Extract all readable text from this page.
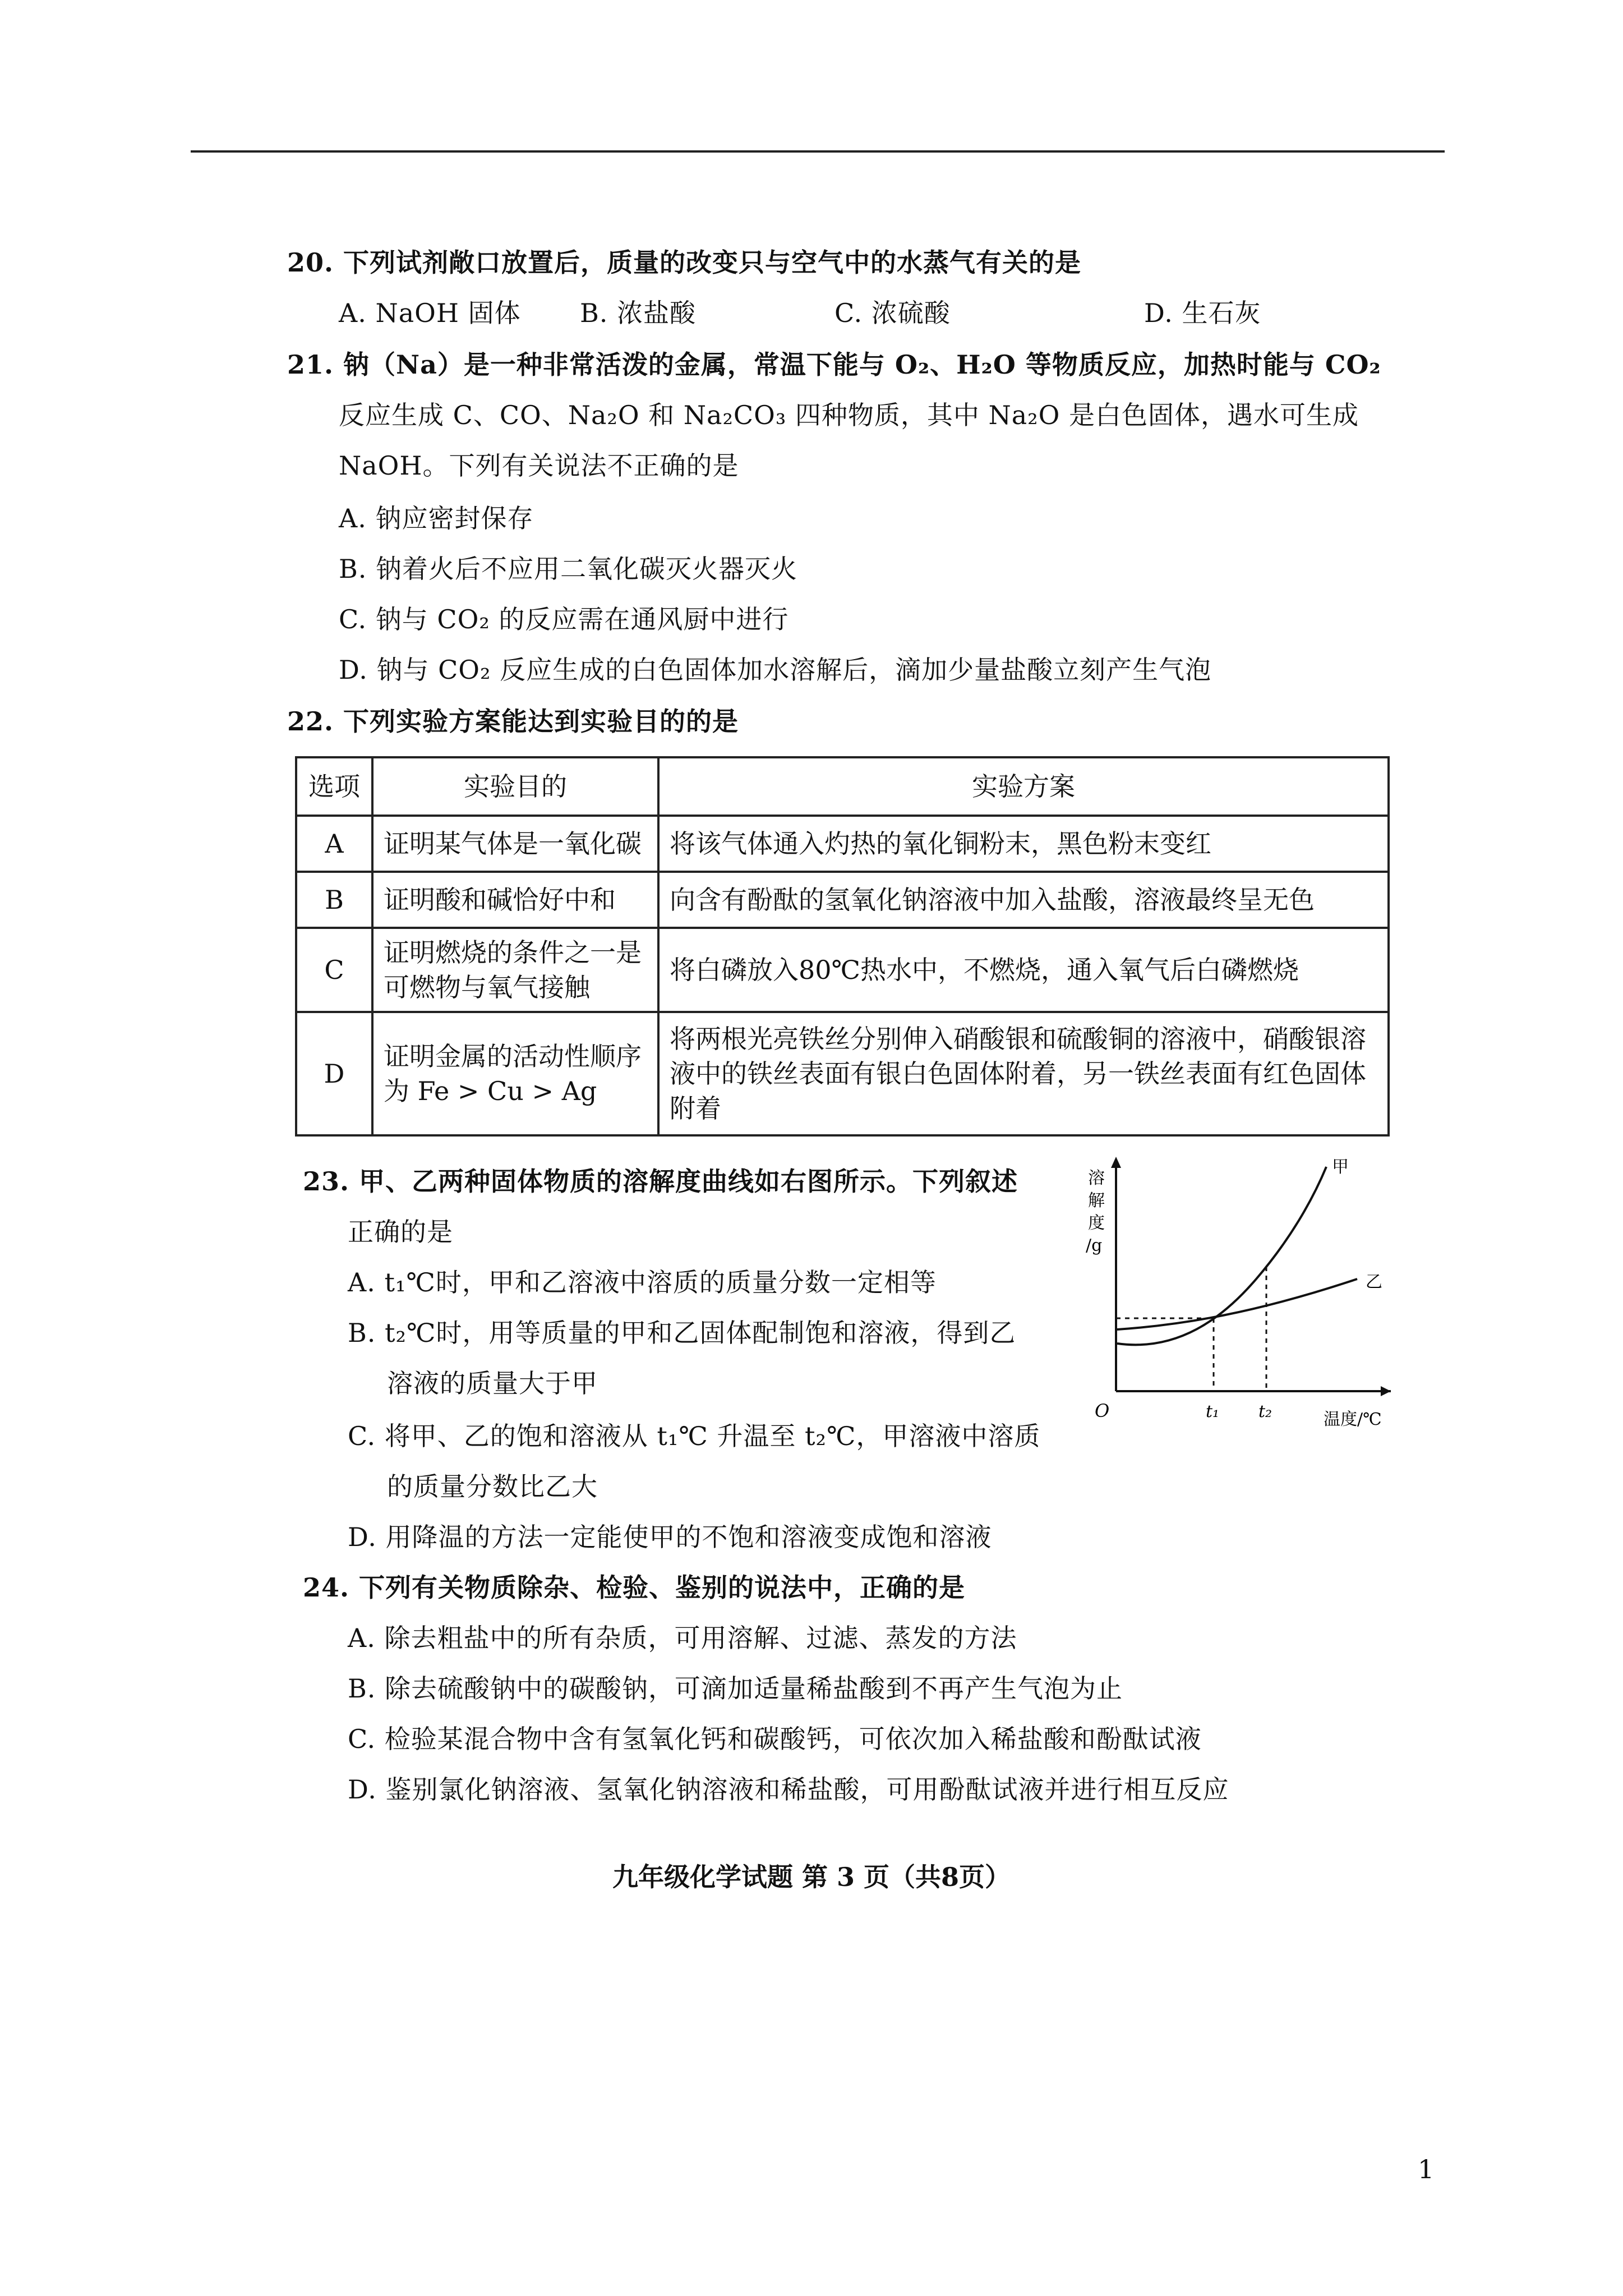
20. 下列试剂敞口放置后，质量的改变只与空气中的水蒸气有关的是
A. NaOH 固体 B. 浓盐酸	C. 浓硫酸	D. 生石灰
21. 钠（Na）是一种非常活泼的金属，常温下能与 O₂、H₂O 等物质反应，加热时能与 CO₂
反应生成 C、CO、Na₂O 和 Na₂CO₃ 四种物质，其中 Na₂O 是白色固体，遇水可生成
NaOH。下列有关说法不正确的是
A. 钠应密封保存
B. 钠着火后不应用二氧化碳灭火器灭火
C. 钠与 CO₂ 的反应需在通风厨中进行
D. 钠与 CO₂ 反应生成的白色固体加水溶解后，滴加少量盐酸立刻产生气泡
22. 下列实验方案能达到实验目的的是
选项	实验目的	实验方案
A	证明某气体是一氧化碳	将该气体通入灼热的氧化铜粉末，黑色粉末变红
B	证明酸和碱恰好中和	向含有酚酞的氢氧化钠溶液中加入盐酸，溶液最终呈无色
C	证明燃烧的条件之一是可燃物与氧气接触	将白磷放入80℃热水中，不燃烧，通入氧气后白磷燃烧
D	证明金属的活动性顺序为 Fe > Cu > Ag	将两根光亮铁丝分别伸入硝酸银和硫酸铜的溶液中，硝酸银溶液中的铁丝表面有银白色固体附着，另一铁丝表面有红色固体附着
23. 甲、乙两种固体物质的溶解度曲线如右图所示。下列叙述
正确的是
A. t₁℃时，甲和乙溶液中溶质的质量分数一定相等
B. t₂℃时，用等质量的甲和乙固体配制饱和溶液，得到乙
溶液的质量大于甲
C. 将甲、乙的饱和溶液从 t₁℃ 升温至 t₂℃，甲溶液中溶质
的质量分数比乙大
D. 用降温的方法一定能使甲的不饱和溶液变成饱和溶液
溶
解
度
/g
温度/℃
O	t₁ t₂
甲
乙
24. 下列有关物质除杂、检验、鉴别的说法中，正确的是
A. 除去粗盐中的所有杂质，可用溶解、过滤、蒸发的方法
B. 除去硫酸钠中的碳酸钠，可滴加适量稀盐酸到不再产生气泡为止
C. 检验某混合物中含有氢氧化钙和碳酸钙，可依次加入稀盐酸和酚酞试液
D. 鉴别氯化钠溶液、氢氧化钠溶液和稀盐酸，可用酚酞试液并进行相互反应
九年级化学试题 第 3 页（共8页）
1
